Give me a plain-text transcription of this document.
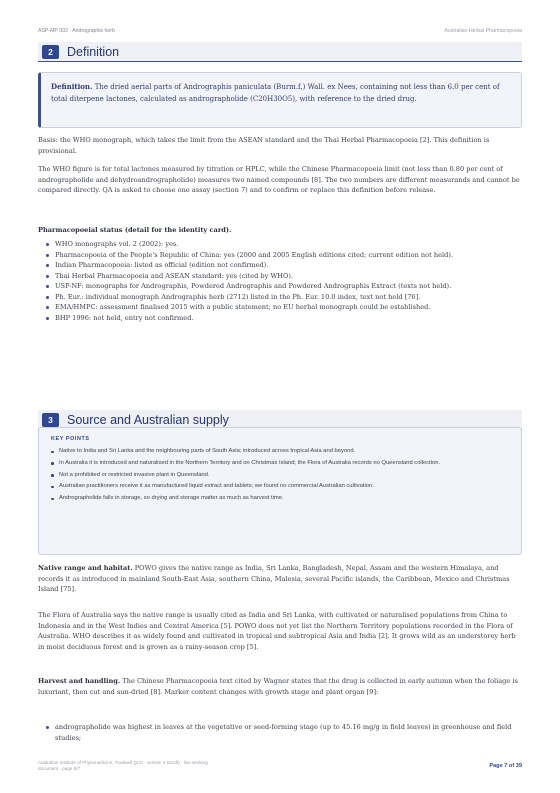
ASP-MP 002 · Andrographis herb	Australian Herbal Pharmacopoeia
2	Definition

Definition. The dried aerial parts of Andrographis paniculata (Burm.f.) Wall. ex Nees, containing not less than 6.0 per cent of total diterpene lactones, calculated as andrographolide (C20H30O5), with reference to the dried drug.

Basis: the WHO monograph, which takes the limit from the ASEAN standard and the Thai Herbal Pharmacopoeia [2]. This definition is provisional.

The WHO figure is for total lactones measured by titration or HPLC, while the Chinese Pharmacopoeia limit (not less than 0.80 per cent of andrographolide and dehydroandrographolide) measures two named compounds [8]. The two numbers are different measurands and cannot be compared directly. QA is asked to choose one assay (section 7) and to confirm or replace this definition before release.

Pharmacopoeial status (detail for the identity card).

WHO monographs vol. 2 (2002): yes.
Pharmacopoeia of the People's Republic of China: yes (2000 and 2005 English editions cited; current edition not held).
Indian Pharmacopoeia: listed as official (edition not confirmed).
Thai Herbal Pharmacopoeia and ASEAN standard: yes (cited by WHO).
USP-NF: monographs for Andrographis, Powdered Andrographis and Powdered Andrographis Extract (texts not held).
Ph. Eur.: individual monograph Andrographis herb (2712) listed in the Ph. Eur. 10.0 index, text not held [76].
EMA/HMPC: assessment finalised 2015 with a public statement; no EU herbal monograph could be established.
BHP 1996: not held, entry not confirmed.
3	Source and Australian supply
KEY POINTS
Native to India and Sri Lanka and the neighbouring parts of South Asia; introduced across tropical Asia and beyond.
In Australia it is introduced and naturalised in the Northern Territory and on Christmas Island; the Flora of Australia records no Queensland collection.
Not a prohibited or restricted invasive plant in Queensland.
Australian practitioners receive it as manufactured liquid extract and tablets; we found no commercial Australian cultivation.
Andrographolide falls in storage, so drying and storage matter as much as harvest time.

Native range and habitat. POWO gives the native range as India, Sri Lanka, Bangladesh, Nepal, Assam and the western Himalaya, and records it as introduced in mainland South-East Asia, southern China, Malesia, several Pacific islands, the Caribbean, Mexico and Christmas Island [75].

The Flora of Australia says the native range is usually cited as India and Sri Lanka, with cultivated or naturalised populations from China to Indonesia and in the West Indies and Central America [5]. POWO does not yet list the Northern Territory populations recorded in the Flora of Australia. WHO describes it as widely found and cultivated in tropical and subtropical Asia and India [2]. It grows wild as an understorey herb in moist deciduous forest and is grown as a rainy-season crop [5].

Harvest and handling. The Chinese Pharmacopoeia text cited by Wagner states that the drug is collected in early autumn when the foliage is luxuriant, then cut and sun-dried [8]. Marker content changes with growth stage and plant organ [9]:

andrographolide was highest in leaves at the vegetative or seed-forming stage (up to 45.16 mg/g in field leaves) in greenhouse and field studies;
Australian Institute of Phytomedicine, Tradwell QLD · version 3 (Draft) · live working document · page 6/7	Page 7 of 39
